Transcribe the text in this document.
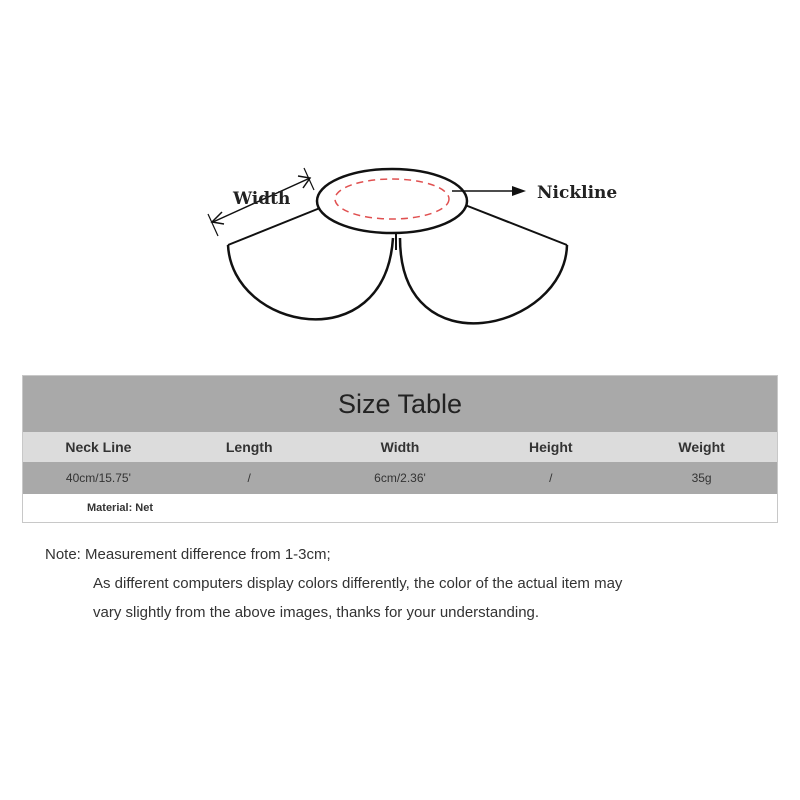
Width	Nickline
Size Table
Neck Line	Length	Width	Height	Weight
40cm/15.75'	/	6cm/2.36'	/	35g
Material: Net
Note: Measurement difference from 1-3cm;
As different computers display colors differently, the color of the actual item may
vary slightly from the above images, thanks for your understanding.
